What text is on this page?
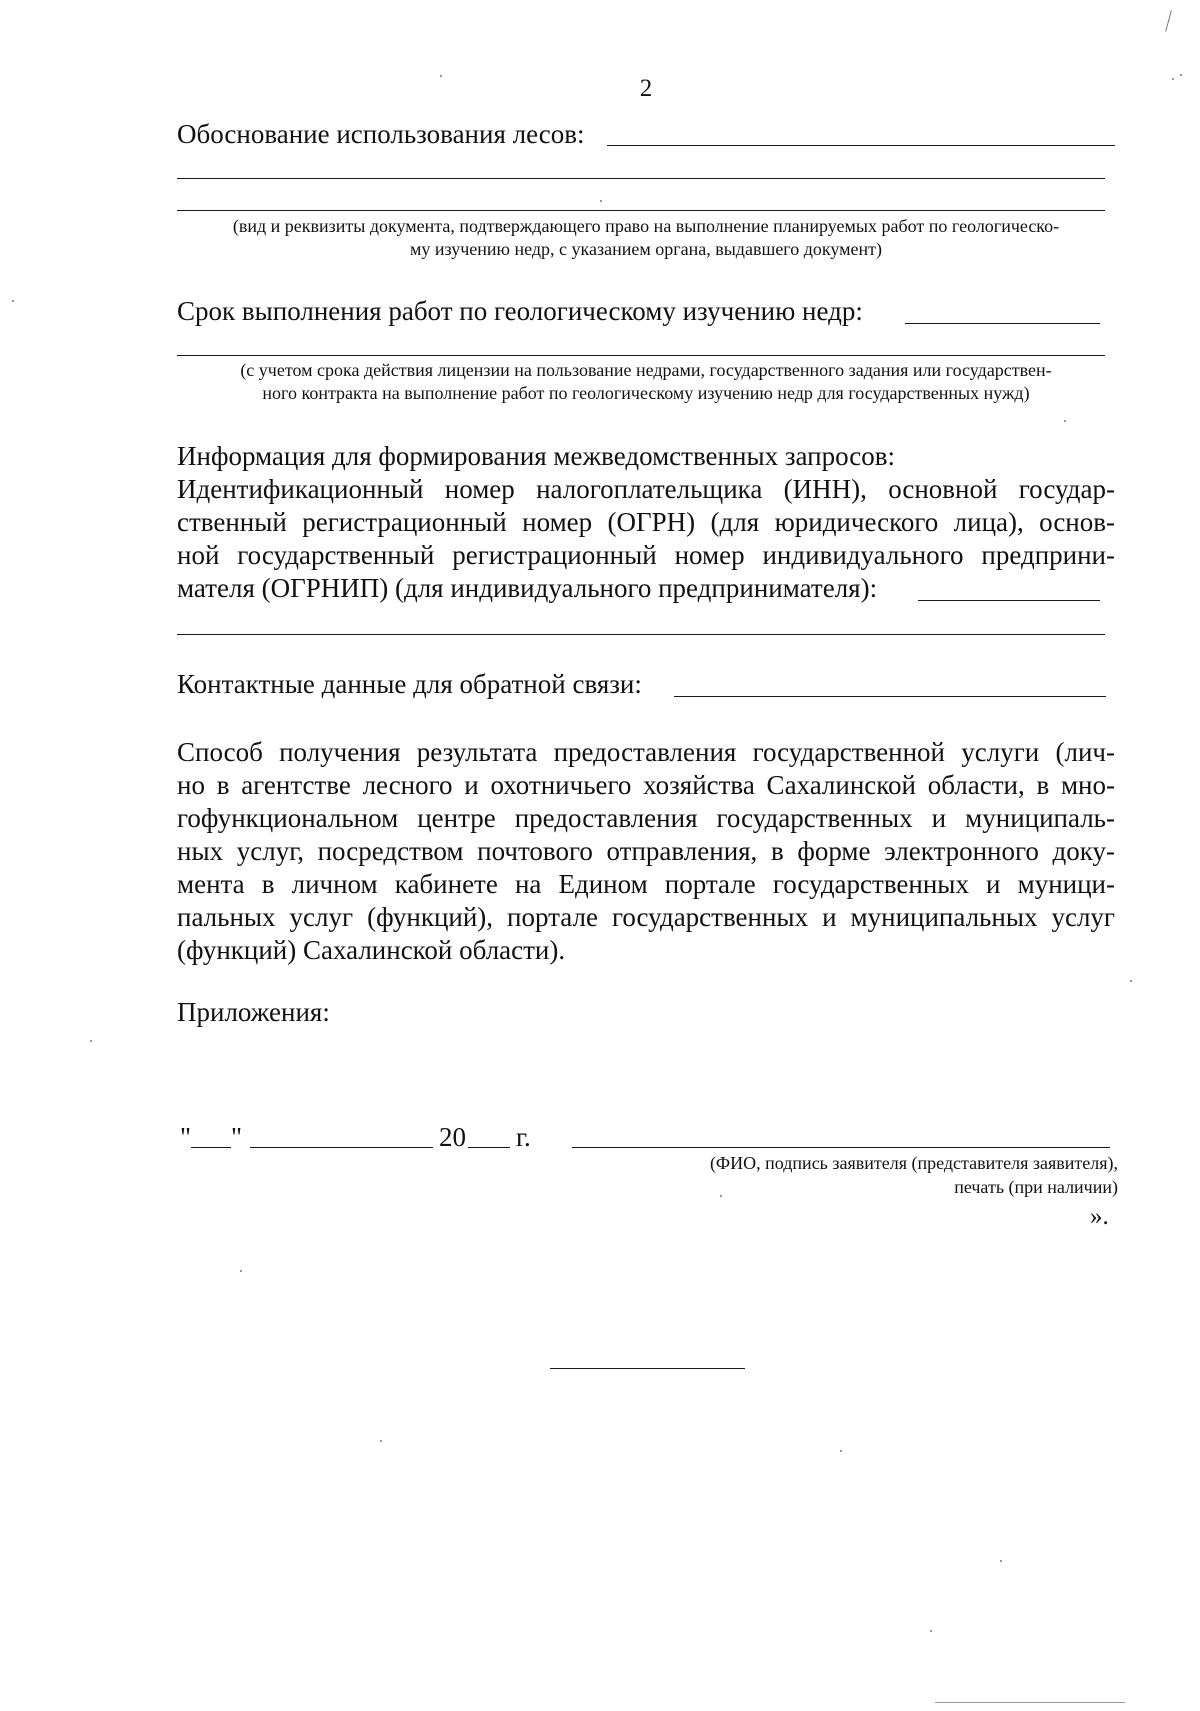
2
Обоснование использования лесов:
(вид и реквизиты документа, подтверждающего право на выполнение планируемых работ по геологическо-
му изучению недр, с указанием органа, выдавшего документ)
Срок выполнения работ по геологическому изучению недр:
(с учетом срока действия лицензии на пользование недрами, государственного задания или государствен-
ного контракта на выполнение работ по геологическому изучению недр для государственных нужд)
Информация для формирования межведомственных запросов:
Идентификационный номер налогоплательщика (ИНН), основной государ-
ственный регистрационный номер (ОГРН) (для юридического лица), основ-
ной государственный регистрационный номер индивидуального предприни-
мателя (ОГРНИП) (для индивидуального предпринимателя):
Контактные данные для обратной связи:
Способ получения результата предоставления государственной услуги (лич-
но в агентстве лесного и охотничьего хозяйства Сахалинской области, в мно-
гофункциональном центре предоставления государственных и муниципаль-
ных услуг, посредством почтового отправления, в форме электронного доку-
мента в личном кабинете на Едином портале государственных и муници-
пальных услуг (функций), портале государственных и муниципальных услуг
(функций) Сахалинской области).
Приложения:
" "	20 г.
(ФИО, подпись заявителя (представителя заявителя),
печать (при наличии)
».
